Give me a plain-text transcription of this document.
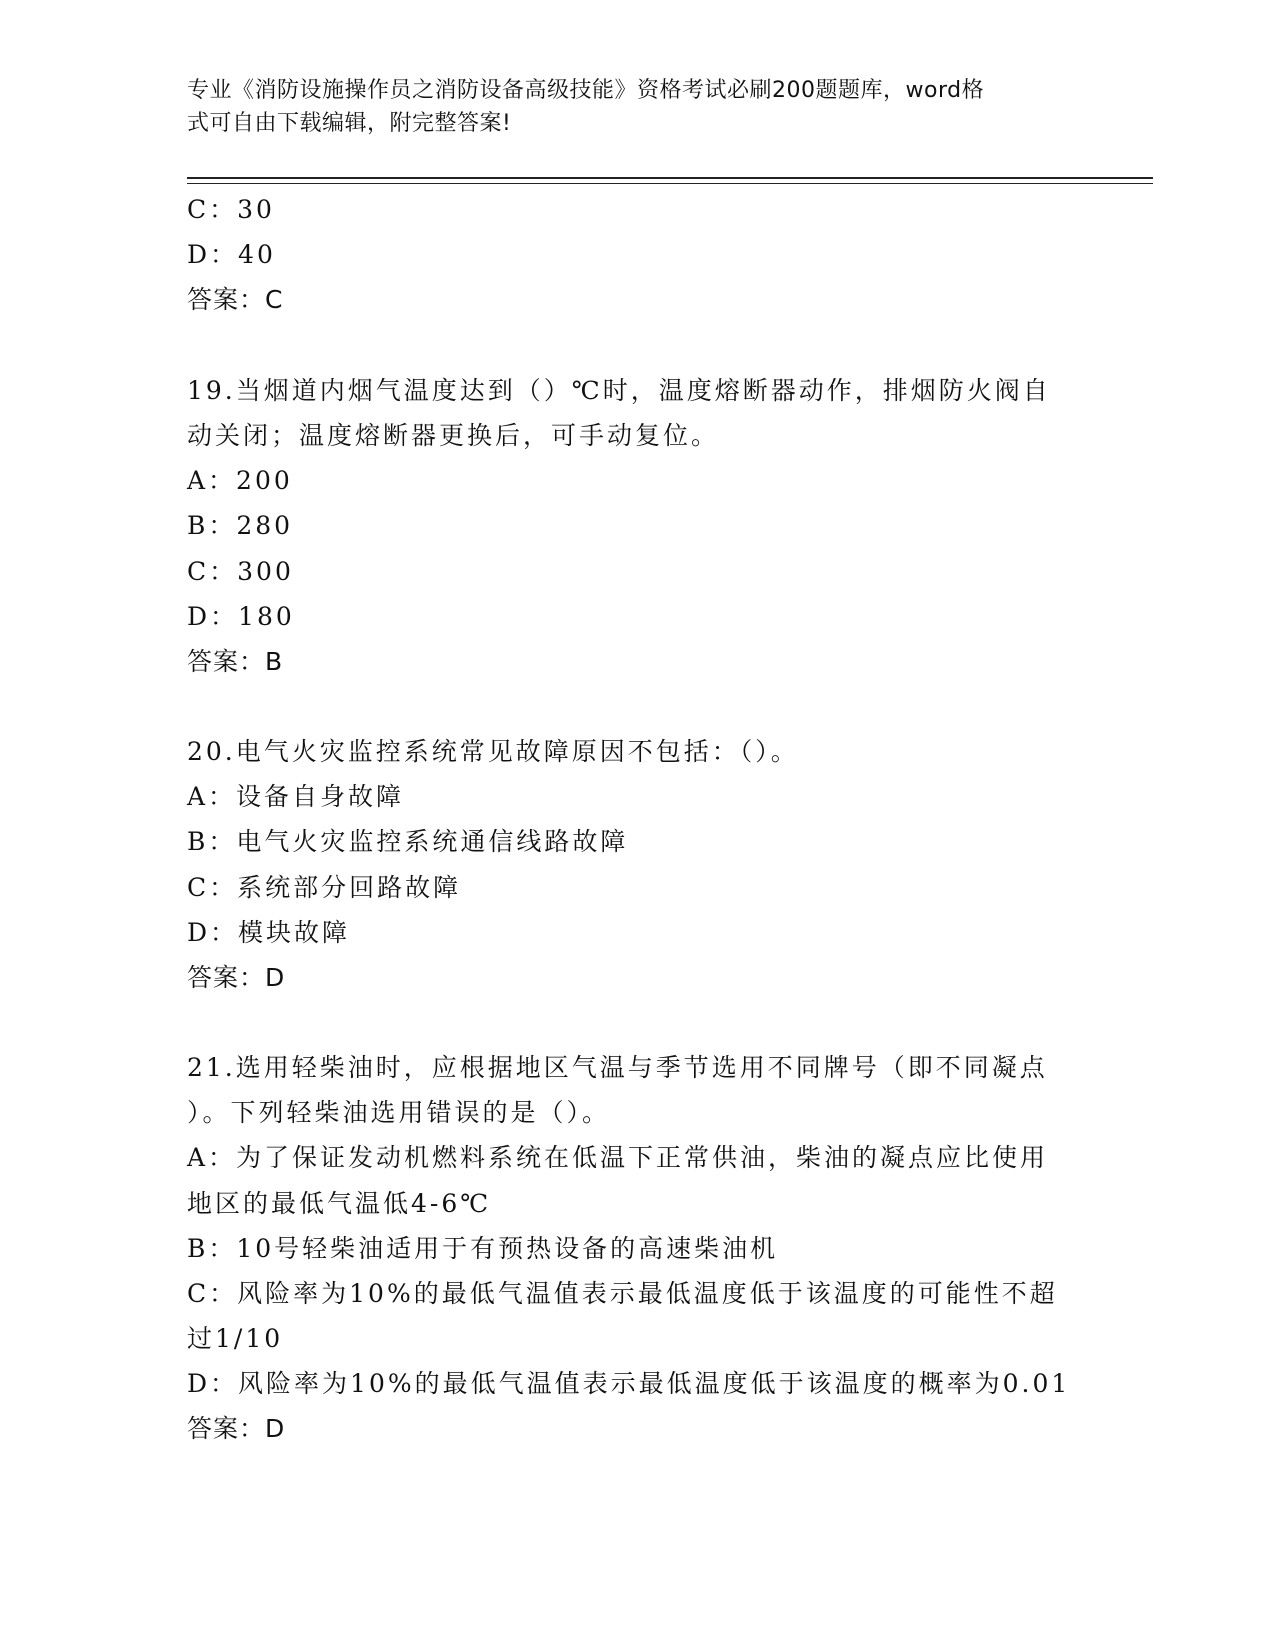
专业《消防设施操作员之消防设备高级技能》资格考试必刷200题题库，word格
式可自由下载编辑，附完整答案!
C：30
D：40
答案：C
19.当烟道内烟气温度达到（）℃时，温度熔断器动作，排烟防火阀自
动关闭；温度熔断器更换后，可手动复位。
A：200
B：280
C：300
D：180
答案：B
20.电气火灾监控系统常见故障原因不包括：（）。
A：设备自身故障
B：电气火灾监控系统通信线路故障
C：系统部分回路故障
D：模块故障
答案：D
21.选用轻柴油时，应根据地区气温与季节选用不同牌号（即不同凝点
）。下列轻柴油选用错误的是（）。
A：为了保证发动机燃料系统在低温下正常供油，柴油的凝点应比使用
地区的最低气温低4-6℃
B：10号轻柴油适用于有预热设备的高速柴油机
C：风险率为10%的最低气温值表示最低温度低于该温度的可能性不超
过1/10
D：风险率为10%的最低气温值表示最低温度低于该温度的概率为0.01
答案：D
